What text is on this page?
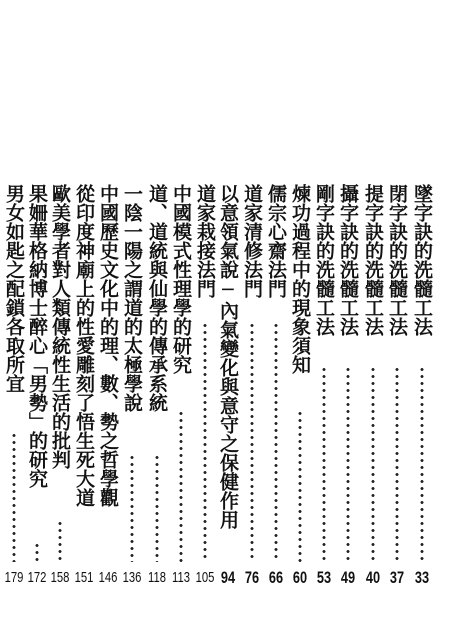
墜字訣的洗髓工法
33
閉字訣的洗髓工法
37
提字訣的洗髓工法
40
攝字訣的洗髓工法
49
剛字訣的洗髓工法
53
煉功過程中的現象須知
60
儒宗心齋法門
66
道家清修法門
76
以意領氣說─內氣變化與意守之保健作用
94
道家栽接法門
105
中國模式性理學的研究
113
道、道統與仙學的傳承系統
118
一陰一陽之謂道的太極學說
136
中國歷史文化中的理、數、勢之哲學觀
146
從印度神廟上的性愛雕刻了悟生死大道
151
歐美學者對人類傳統性生活的批判
158
果姍華格納博士醉心「男勢」的研究
172
男女如匙之配鎖各取所宜
179
